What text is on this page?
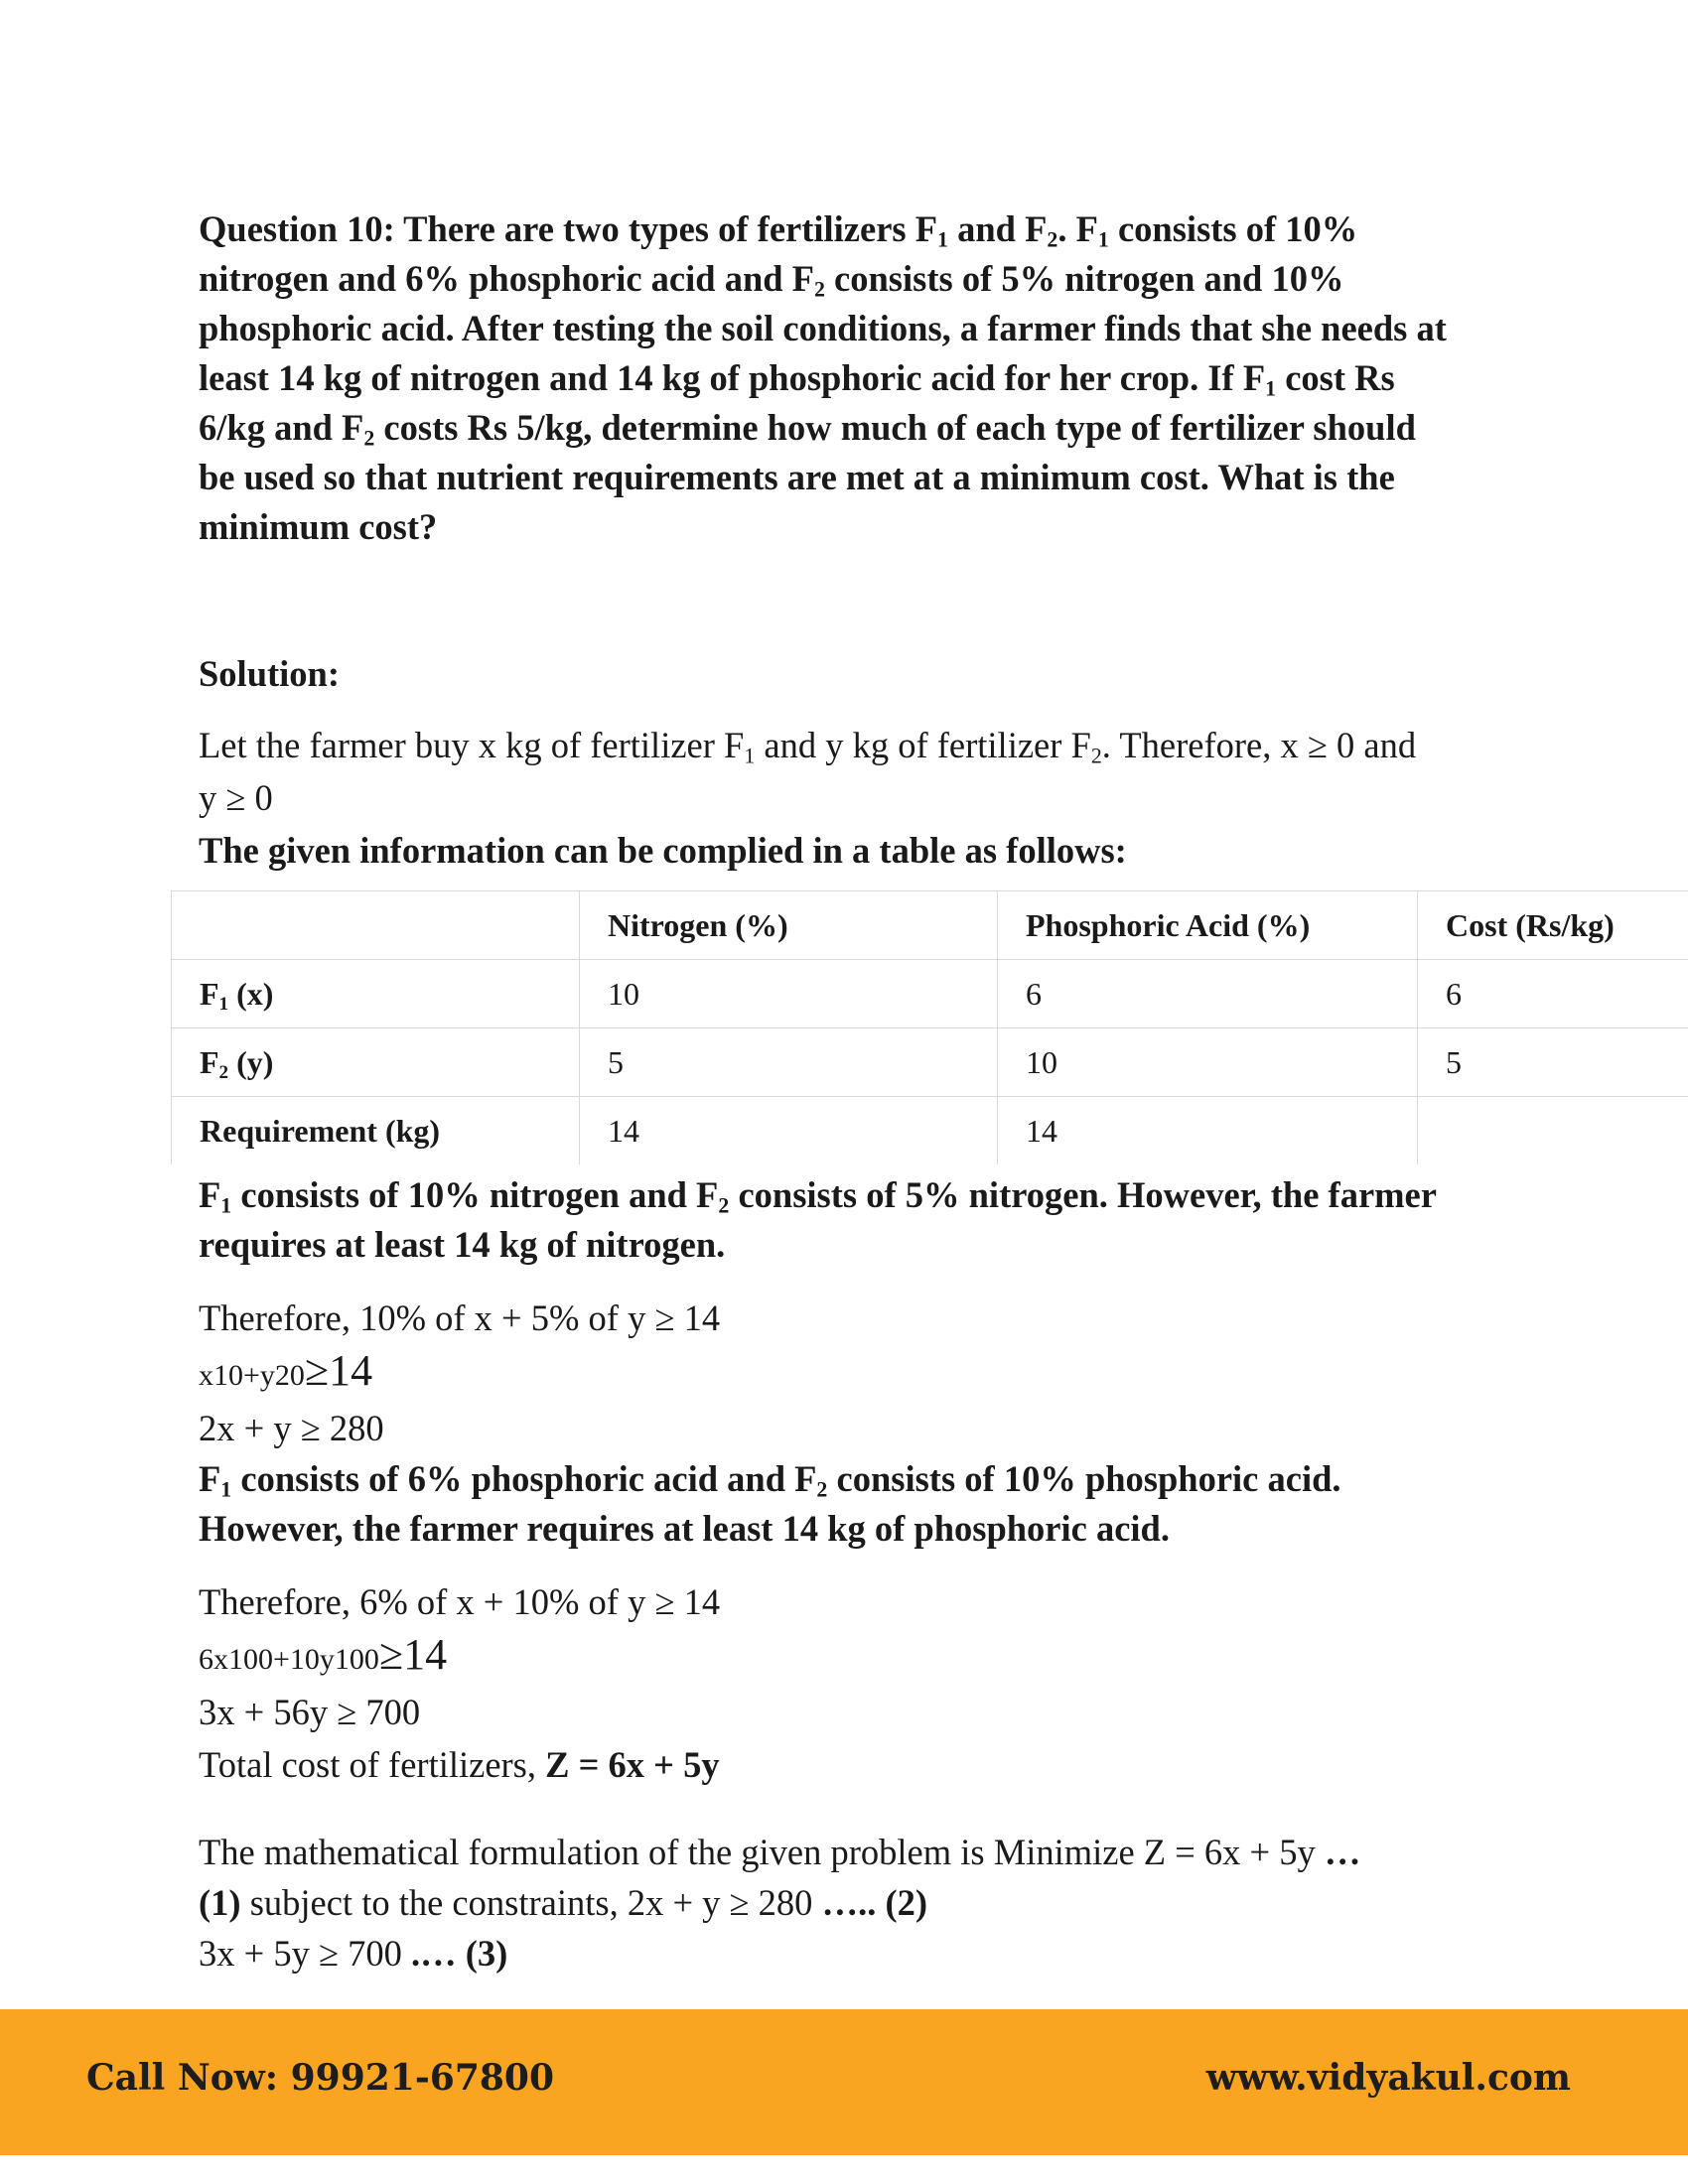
Question 10: There are two types of fertilizers $F_1$ and $F_2$. $F_1$ consists of 10%
nitrogen and 6% phosphoric acid and $F_2$ consists of 5% nitrogen and 10%
phosphoric acid. After testing the soil conditions, a farmer finds that she needs at
least 14 kg of nitrogen and 14 kg of phosphoric acid for her crop. If $F_1$ cost Rs
6/kg and $F_2$ costs Rs 5/kg, determine how much of each type of fertilizer should
be used so that nutrient requirements are met at a minimum cost. What is the
minimum cost?

Solution:

Let the farmer buy x kg of fertilizer $F_1$ and y kg of fertilizer $F_2$. Therefore, x ≥ 0 and
y ≥ 0

The given information can be complied in a table as follows:

	Nitrogen (%)	Phosphoric Acid (%)	Cost (Rs/kg)
$F_1$ (x)	10	6	6
$F_2$ (y)	5	10	5
Requirement (kg)	14	14	

$F_1$ consists of 10% nitrogen and $F_2$ consists of 5% nitrogen. However, the farmer
requires at least 14 kg of nitrogen.

Therefore, 10% of x + 5% of y ≥ 14
x10+y20≥14
2x + y ≥ 280

$F_1$ consists of 6% phosphoric acid and $F_2$ consists of 10% phosphoric acid.
However, the farmer requires at least 14 kg of phosphoric acid.

Therefore, 6% of x + 10% of y ≥ 14
6x100+10y100≥14
3x + 56y ≥ 700
Total cost of fertilizers, Z = 6x + 5y

The mathematical formulation of the given problem is Minimize Z = 6x + 5y …
(1) subject to the constraints, 2x + y ≥ 280 ….. (2)
3x + 5y ≥ 700 .… (3)

Call Now: 99921-67800	www.vidyakul.com
